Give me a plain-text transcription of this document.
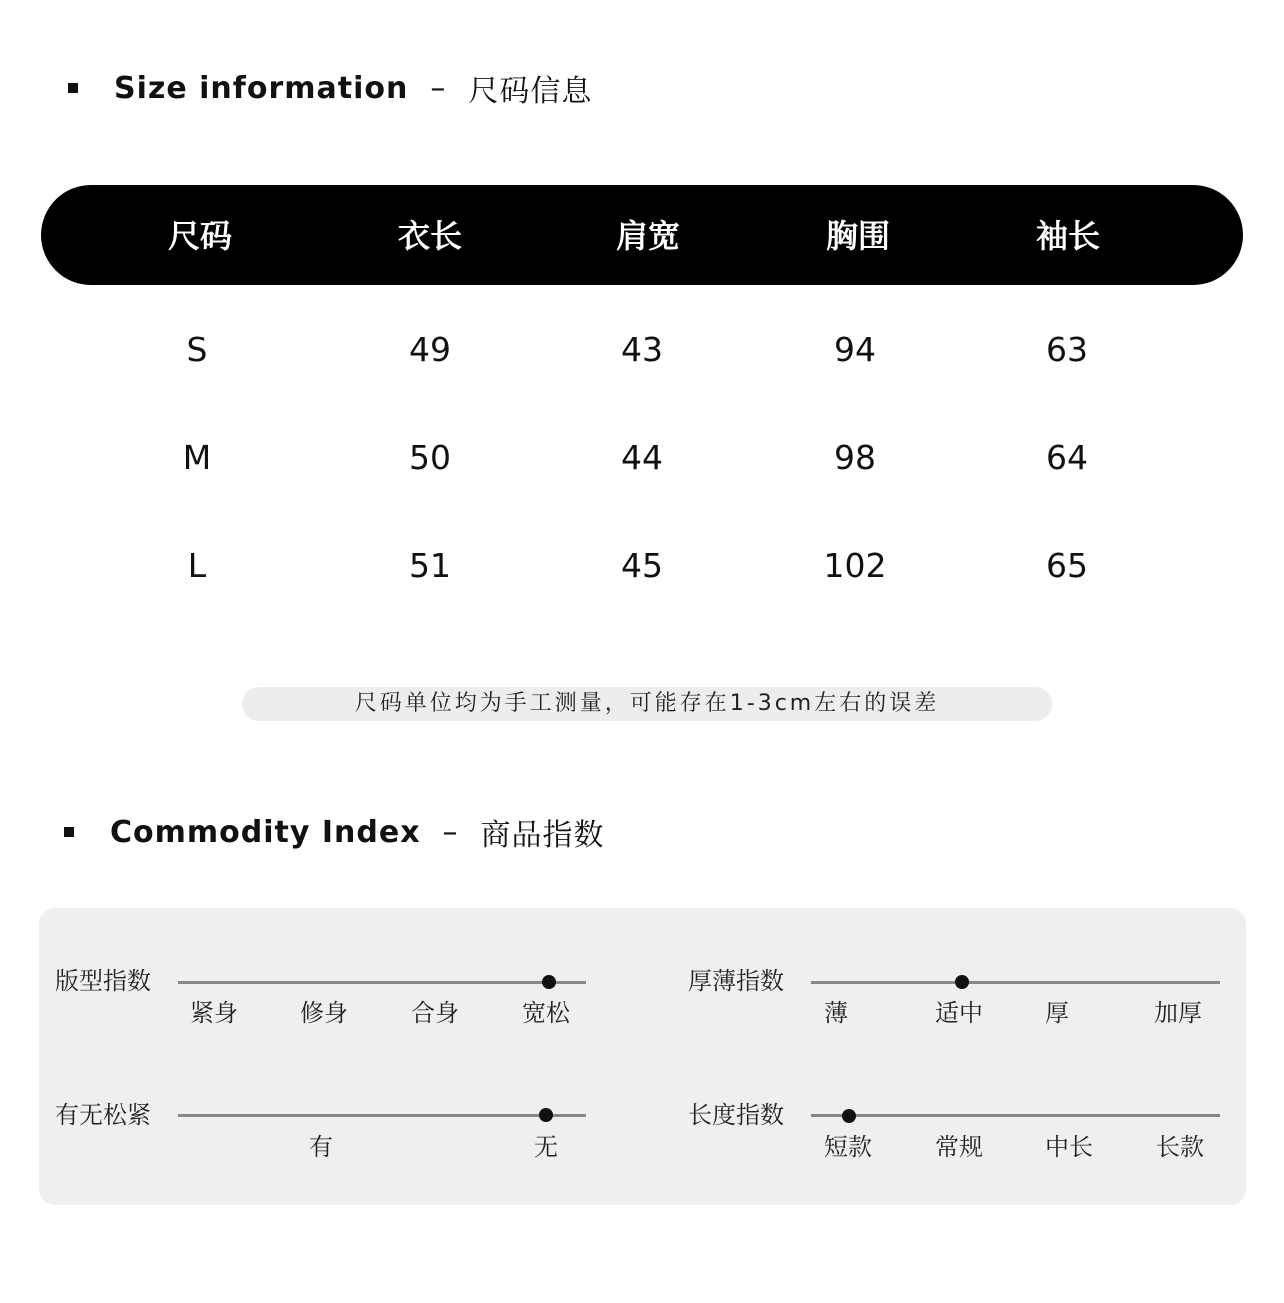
Size information – 尺码信息
尺码	衣长	肩宽	胸围	袖长
S	49	43	94	63
M	50	44	98	64
L	51	45	102	65
尺码单位均为手工测量，可能存在1-3cm左右的误差
Commodity Index – 商品指数
版型指数
紧身	修身	合身	宽松
厚薄指数
薄	适中	厚	加厚
有无松紧
有	无
长度指数
短款	常规	中长	长款
